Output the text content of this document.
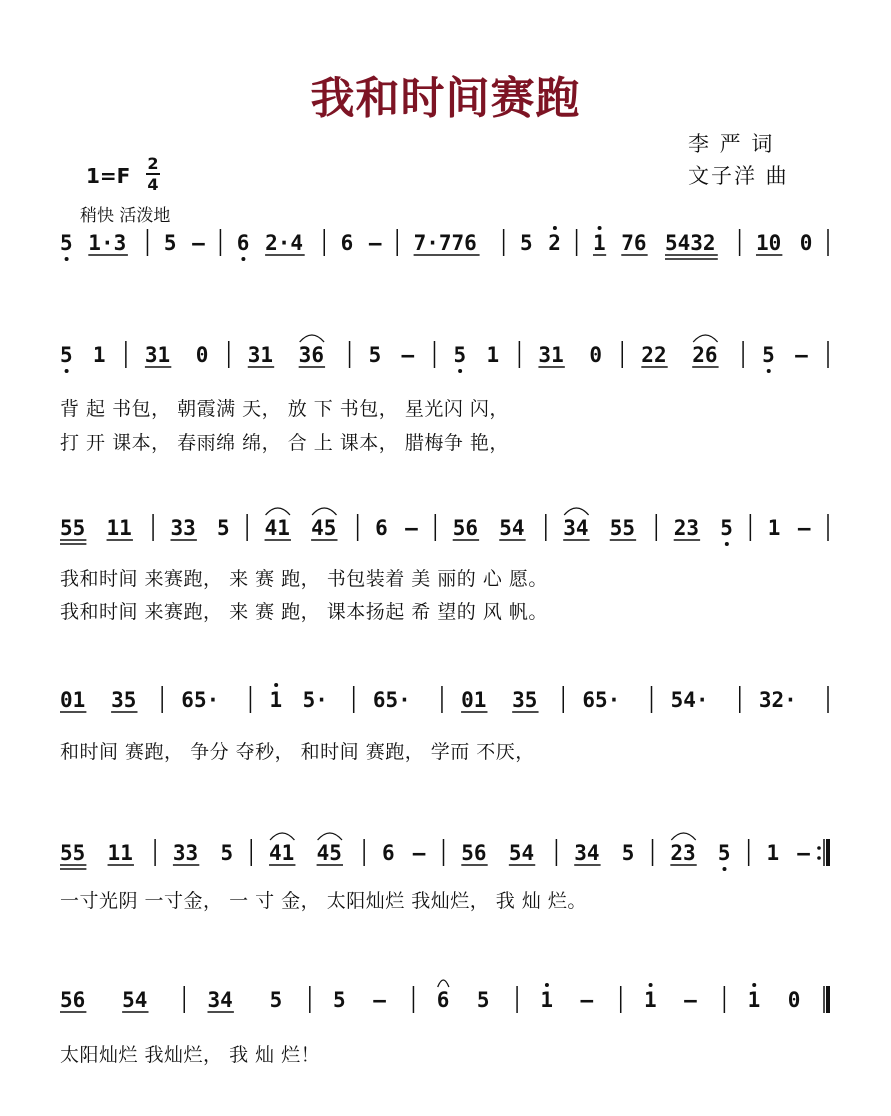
我和时间赛跑
李 严 词
文子洋 曲
1=F
2
4
稍快 活泼地
5 1·3 5 – 6 2·4 6 – 7·776 5 2 1 76 5432 10 0
5 1 31 0 31 36 5 – 5 1 31 0 22 26 5 –
55 11 33 5 41 45 6 – 56 54 34 55 23 5 1 –
01 35 65· 1 5· 65· 01 35 65· 54· 32·
55 11 33 5 41 45 6 – 56 54 34 5 23 5 1 –
56 54	34 5 5 – 6 5 1 – 1 – 1 0
背 起 书包， 朝霞满 天， 放 下 书包， 星光闪 闪，
打 开 课本， 春雨绵 绵， 合 上 课本， 腊梅争 艳，
我和时间 来赛跑， 来 赛 跑， 书包装着 美 丽的 心 愿。
我和时间 来赛跑， 来 赛 跑， 课本扬起 希 望的 风 帆。
和时间 赛跑， 争分 夺秒， 和时间 赛跑， 学而 不厌，
一寸光阴 一寸金， 一 寸 金， 太阳灿烂 我灿烂， 我 灿 烂。
太阳灿烂 我灿烂， 我 灿 烂！
